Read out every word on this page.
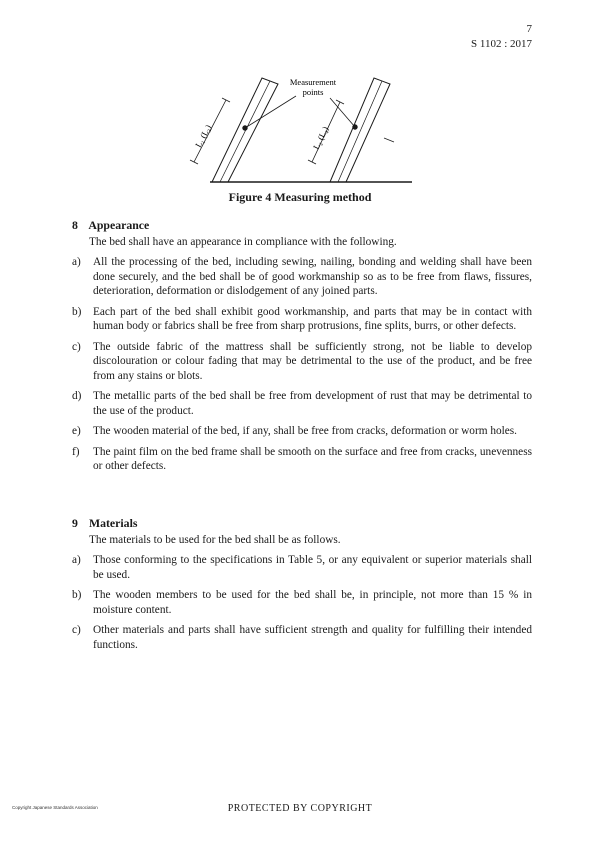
7
S 1102 : 2017
Measurement
points
L₁ (L₃)	L₂ (L₄)
Figure 4 Measuring method

8 Appearance

The bed shall have an appearance in compliance with the following.
a)	All the processing of the bed, including sewing, nailing, bonding and welding shall have been done securely, and the bed shall be of good workmanship so as to be free from flaws, fissures, deterioration, deformation or dislodgement of any joined parts.
b)	Each part of the bed shall exhibit good workmanship, and parts that may be in contact with human body or fabrics shall be free from sharp protrusions, fine splits, burrs, or other defects.
c)	The outside fabric of the mattress shall be sufficiently strong, not be liable to develop discolouration or colour fading that may be detrimental to the use of the product, and be free from any stains or blots.
d)	The metallic parts of the bed shall be free from development of rust that may be detrimental to the use of the product.
e)	The wooden material of the bed, if any, shall be free from cracks, deformation or worm holes.
f)	The paint film on the bed frame shall be smooth on the surface and free from cracks, unevenness or other defects.

9 Materials

The materials to be used for the bed shall be as follows.
a)	Those conforming to the specifications in Table 5, or any equivalent or superior materials shall be used.
b)	The wooden members to be used for the bed shall be, in principle, not more than 15 % in moisture content.
c)	Other materials and parts shall have sufficient strength and quality for fulfilling their intended functions.
Copyright Japanese Standards Association	PROTECTED BY COPYRIGHT
